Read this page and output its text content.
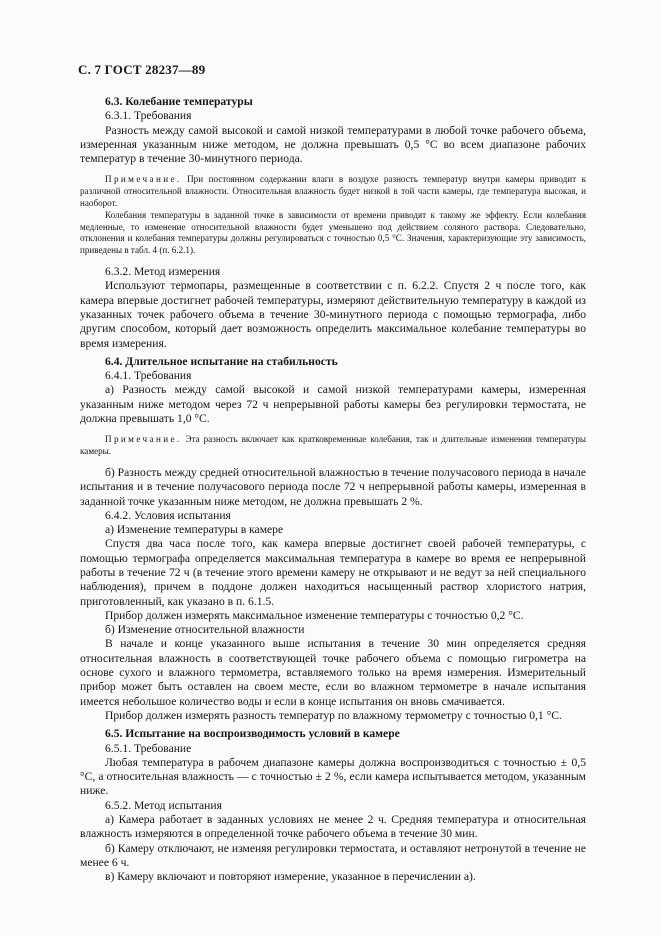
С. 7 ГОСТ 28237—89

6.3. Колебание температуры

6.3.1. Требования

Разность между самой высокой и самой низкой температурами в любой точке рабочего объема, измеренная указанным ниже методом, не должна превышать 0,5 °С во всем диапазоне рабочих температур в течение 30-минутного периода.

Примечание. При постоянном содержании влаги в воздухе разность температур внутри камеры приводит к различной относительной влажности. Относительная влажность будет низкой в той части камеры, где температура высокая, и наоборот.

Колебания температуры в заданной точке в зависимости от времени приводят к такому же эффекту. Если колебания медленные, то изменение относительной влажности будет уменьшено под действием соляного раствора. Следовательно, отклонения и колебания температуры должны регулироваться с точностью 0,5 °С. Значения, характеризующие эту зависимость, приведены в табл. 4 (п. 6.2.1).

6.3.2. Метод измерения

Используют термопары, размещенные в соответствии с п. 6.2.2. Спустя 2 ч после того, как камера впервые достигнет рабочей температуры, измеряют действительную температуру в каждой из указанных точек рабочего объема в течение 30-минутного периода с помощью термографа, либо другим способом, который дает возможность определить максимальное колебание температуры во время измерения.

6.4. Длительное испытание на стабильность

6.4.1. Требования

а) Разность между самой высокой и самой низкой температурами камеры, измеренная указанным ниже методом через 72 ч непрерывной работы камеры без регулировки термостата, не должна превышать 1,0 °С.

Примечание. Эта разность включает как кратковременные колебания, так и длительные изменения температуры камеры.

б) Разность между средней относительной влажностью в течение получасового периода в начале испытания и в течение получасового периода после 72 ч непрерывной работы камеры, измеренная в заданной точке указанным ниже методом, не должна превышать 2 %.

6.4.2. Условия испытания

а) Изменение температуры в камере

Спустя два часа после того, как камера впервые достигнет своей рабочей температуры, с помощью термографа определяется максимальная температура в камере во время ее непрерывной работы в течение 72 ч (в течение этого времени камеру не открывают и не ведут за ней специального наблюдения), причем в поддоне должен находиться насыщенный раствор хлористого натрия, приготовленный, как указано в п. 6.1.5.

Прибор должен измерять максимальное изменение температуры с точностью 0,2 °С.

б) Изменение относительной влажности

В начале и конце указанного выше испытания в течение 30 мин определяется средняя относительная влажность в соответствующей точке рабочего объема с помощью гигрометра на основе сухого и влажного термометра, вставляемого только на время измерения. Измерительный прибор может быть оставлен на своем месте, если во влажном термометре в начале испытания имеется небольшое количество воды и если в конце испытания он вновь смачивается.

Прибор должен измерять разность температур по влажному термометру с точностью 0,1 °С.

6.5. Испытание на воспроизводимость условий в камере

6.5.1. Требование

Любая температура в рабочем диапазоне камеры должна воспроизводиться с точностью ± 0,5 °С, а относительная влажность — с точностью ± 2 %, если камера испытывается методом, указанным ниже.

6.5.2. Метод испытания

а) Камера работает в заданных условиях не менее 2 ч. Средняя температура и относительная влажность измеряются в определенной точке рабочего объема в течение 30 мин.

б) Камеру отключают, не изменяя регулировки термостата, и оставляют нетронутой в течение не менее 6 ч.

в) Камеру включают и повторяют измерение, указанное в перечислении а).
